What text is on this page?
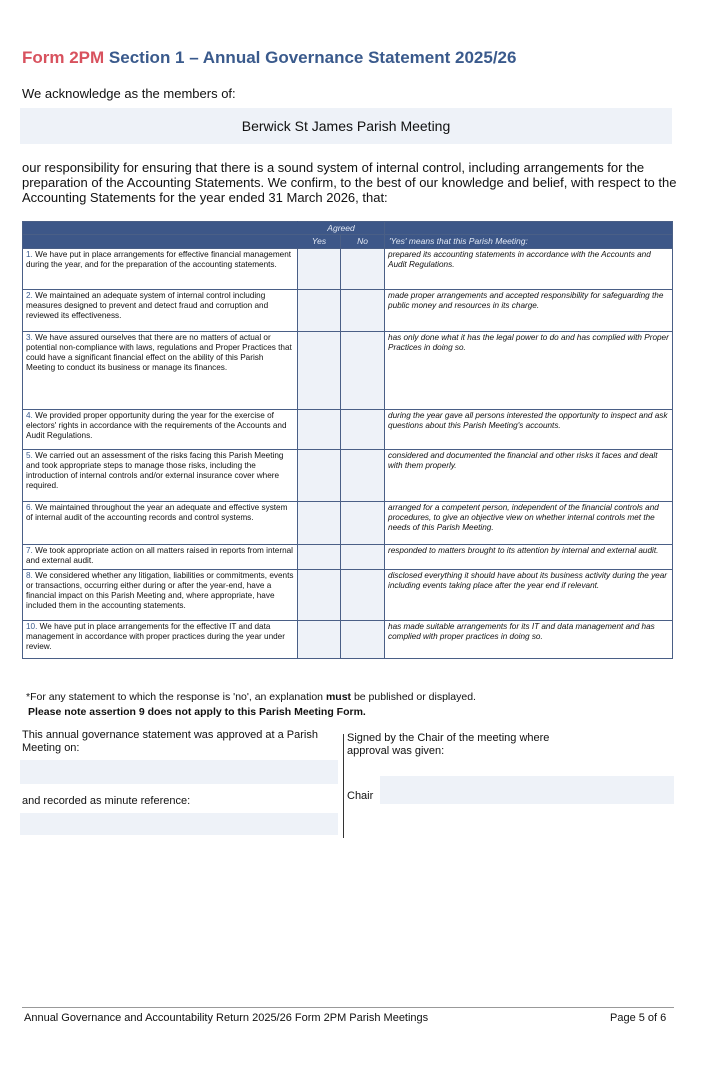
Form 2PM Section 1 – Annual Governance Statement 2025/26
We acknowledge as the members of:
Berwick St James Parish Meeting
our responsibility for ensuring that there is a sound system of internal control, including arrangements for the preparation of the Accounting Statements. We confirm, to the best of our knowledge and belief, with respect to the Accounting Statements for the year ended 31 March 2026, that:
	Agreed		
	Yes	No	'Yes' means that this Parish Meeting:
1. We have put in place arrangements for effective financial management during the year, and for the preparation of the accounting statements.			prepared its accounting statements in accordance with the Accounts and Audit Regulations.
2. We maintained an adequate system of internal control including measures designed to prevent and detect fraud and corruption and reviewed its effectiveness.			made proper arrangements and accepted responsibility for safeguarding the public money and resources in its charge.
3. We have assured ourselves that there are no matters of actual or potential non-compliance with laws, regulations and Proper Practices that could have a significant financial effect on the ability of this Parish Meeting to conduct its business or manage its finances.			has only done what it has the legal power to do and has complied with Proper Practices in doing so.
4. We provided proper opportunity during the year for the exercise of electors' rights in accordance with the requirements of the Accounts and Audit Regulations.			during the year gave all persons interested the opportunity to inspect and ask questions about this Parish Meeting's accounts.
5. We carried out an assessment of the risks facing this Parish Meeting and took appropriate steps to manage those risks, including the introduction of internal controls and/or external insurance cover where required.			considered and documented the financial and other risks it faces and dealt with them properly.
6. We maintained throughout the year an adequate and effective system of internal audit of the accounting records and control systems.			arranged for a competent person, independent of the financial controls and procedures, to give an objective view on whether internal controls met the needs of this Parish Meeting.
7. We took appropriate action on all matters raised in reports from internal and external audit.			responded to matters brought to its attention by internal and external audit.
8. We considered whether any litigation, liabilities or commitments, events or transactions, occurring either during or after the year-end, have a financial impact on this Parish Meeting and, where appropriate, have included them in the accounting statements.			disclosed everything it should have about its business activity during the year including events taking place after the year end if relevant.
10. We have put in place arrangements for the effective IT and data management in accordance with proper practices during the year under review.			has made suitable arrangements for its IT and data management and has complied with proper practices in doing so.
*For any statement to which the response is 'no', an explanation must be published or displayed.
Please note assertion 9 does not apply to this Parish Meeting Form.
This annual governance statement was approved at a Parish Meeting on:
and recorded as minute reference:
Signed by the Chair of the meeting where approval was given:
Chair
Annual Governance and Accountability Return 2025/26 Form 2PM Parish Meetings	Page 5 of 6
